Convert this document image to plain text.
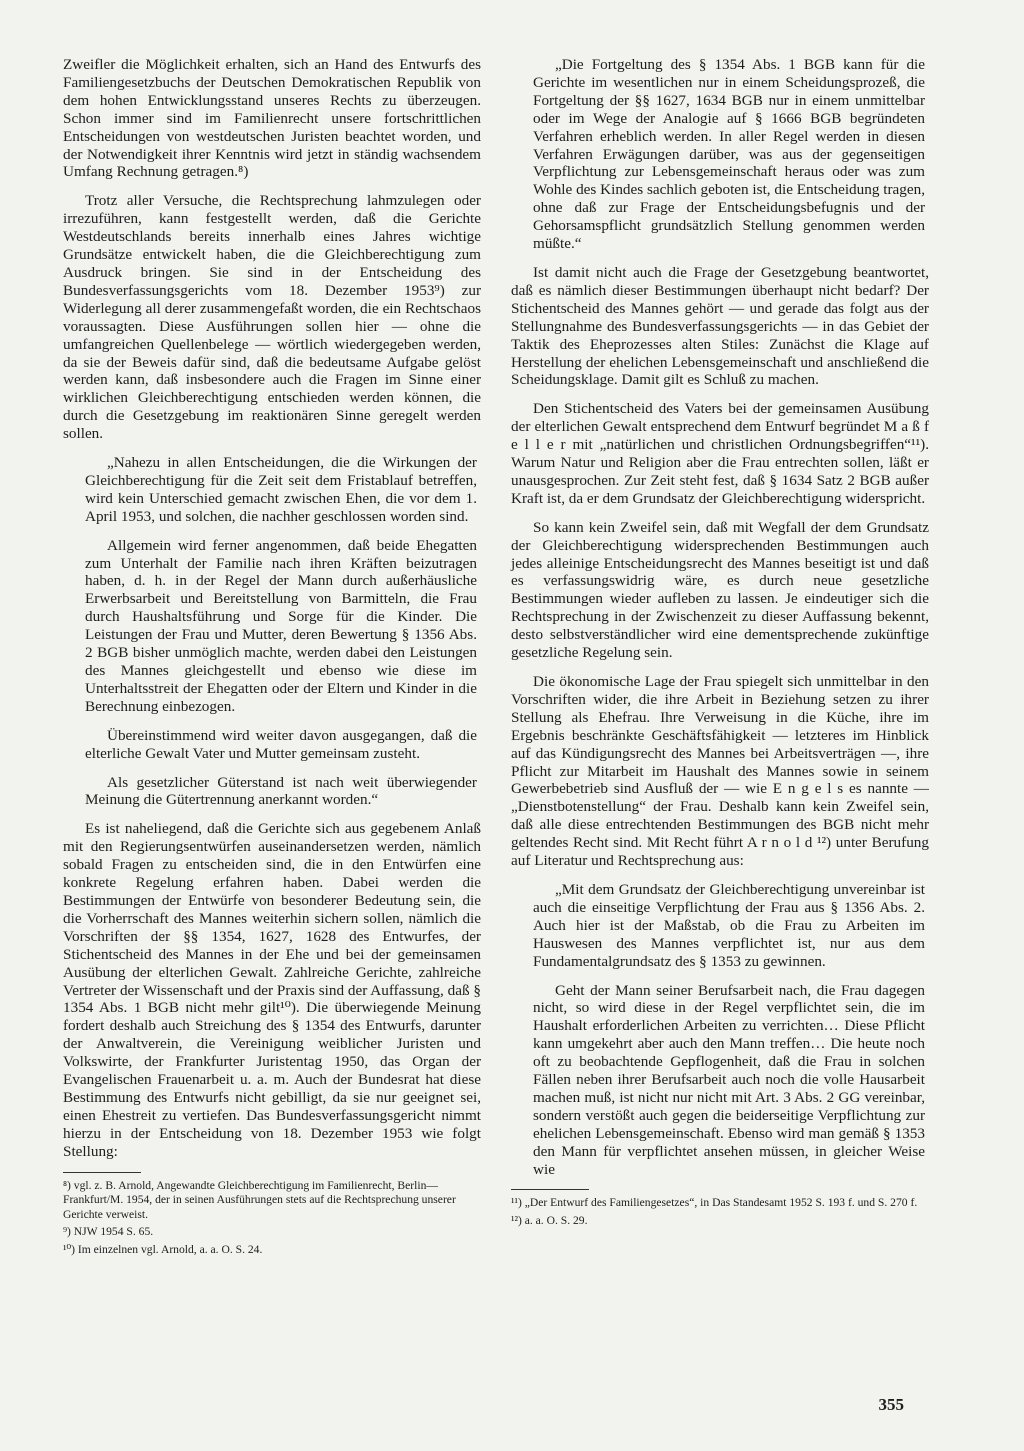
Zweifler die Möglichkeit erhalten, sich an Hand des Entwurfs des Familiengesetzbuchs der Deutschen Demokratischen Republik von dem hohen Entwicklungsstand unseres Rechts zu überzeugen. Schon immer sind im Familienrecht unsere fortschrittlichen Entscheidungen von westdeutschen Juristen beachtet worden, und der Notwendigkeit ihrer Kenntnis wird jetzt in ständig wachsendem Umfang Rechnung getragen.⁸)

Trotz aller Versuche, die Rechtsprechung lahmzulegen oder irrezuführen, kann festgestellt werden, daß die Gerichte Westdeutschlands bereits innerhalb eines Jahres wichtige Grundsätze entwickelt haben, die die Gleichberechtigung zum Ausdruck bringen. Sie sind in der Entscheidung des Bundesverfassungsgerichts vom 18. Dezember 1953⁹) zur Widerlegung all derer zusammengefaßt worden, die ein Rechtschaos voraussagten. Diese Ausführungen sollen hier — ohne die umfangreichen Quellenbelege — wörtlich wiedergegeben werden, da sie der Beweis dafür sind, daß die bedeutsame Aufgabe gelöst werden kann, daß insbesondere auch die Fragen im Sinne einer wirklichen Gleichberechtigung entschieden werden können, die durch die Gesetzgebung im reaktionären Sinne geregelt werden sollen.

„Nahezu in allen Entscheidungen, die die Wirkungen der Gleichberechtigung für die Zeit seit dem Fristablauf betreffen, wird kein Unterschied gemacht zwischen Ehen, die vor dem 1. April 1953, und solchen, die nachher geschlossen worden sind.

Allgemein wird ferner angenommen, daß beide Ehegatten zum Unterhalt der Familie nach ihren Kräften beizutragen haben, d. h. in der Regel der Mann durch außerhäusliche Erwerbsarbeit und Bereitstellung von Barmitteln, die Frau durch Haushaltsführung und Sorge für die Kinder. Die Leistungen der Frau und Mutter, deren Bewertung § 1356 Abs. 2 BGB bisher unmöglich machte, werden dabei den Leistungen des Mannes gleichgestellt und ebenso wie diese im Unterhaltsstreit der Ehegatten oder der Eltern und Kinder in die Berechnung einbezogen.

Übereinstimmend wird weiter davon ausgegangen, daß die elterliche Gewalt Vater und Mutter gemeinsam zusteht.

Als gesetzlicher Güterstand ist nach weit überwiegender Meinung die Gütertrennung anerkannt worden.“

Es ist naheliegend, daß die Gerichte sich aus gegebenem Anlaß mit den Regierungsentwürfen auseinandersetzen werden, nämlich sobald Fragen zu entscheiden sind, die in den Entwürfen eine konkrete Regelung erfahren haben. Dabei werden die Bestimmungen der Entwürfe von besonderer Bedeutung sein, die die Vorherrschaft des Mannes weiterhin sichern sollen, nämlich die Vorschriften der §§ 1354, 1627, 1628 des Entwurfes, der Stichentscheid des Mannes in der Ehe und bei der gemeinsamen Ausübung der elterlichen Gewalt. Zahlreiche Gerichte, zahlreiche Vertreter der Wissenschaft und der Praxis sind der Auffassung, daß § 1354 Abs. 1 BGB nicht mehr gilt¹⁰). Die überwiegende Meinung fordert deshalb auch Streichung des § 1354 des Entwurfs, darunter der Anwaltverein, die Vereinigung weiblicher Juristen und Volkswirte, der Frankfurter Juristentag 1950, das Organ der Evangelischen Frauenarbeit u. a. m. Auch der Bundesrat hat diese Bestimmung des Entwurfs nicht gebilligt, da sie nur geeignet sei, einen Ehestreit zu vertiefen. Das Bundesverfassungsgericht nimmt hierzu in der Entscheidung von 18. Dezember 1953 wie folgt Stellung:

⁸) vgl. z. B. Arnold, Angewandte Gleichberechtigung im Familienrecht, Berlin—Frankfurt/M. 1954, der in seinen Ausführungen stets auf die Rechtsprechung unserer Gerichte verweist.

⁹) NJW 1954 S. 65.

¹⁰) Im einzelnen vgl. Arnold, a. a. O. S. 24.

„Die Fortgeltung des § 1354 Abs. 1 BGB kann für die Gerichte im wesentlichen nur in einem Scheidungsprozeß, die Fortgeltung der §§ 1627, 1634 BGB nur in einem unmittelbar oder im Wege der Analogie auf § 1666 BGB begründeten Verfahren erheblich werden. In aller Regel werden in diesen Verfahren Erwägungen darüber, was aus der gegenseitigen Verpflichtung zur Lebensgemeinschaft heraus oder was zum Wohle des Kindes sachlich geboten ist, die Entscheidung tragen, ohne daß zur Frage der Entscheidungsbefugnis und der Gehorsamspflicht grundsätzlich Stellung genommen werden müßte.“

Ist damit nicht auch die Frage der Gesetzgebung beantwortet, daß es nämlich dieser Bestimmungen überhaupt nicht bedarf? Der Stichentscheid des Mannes gehört — und gerade das folgt aus der Stellungnahme des Bundesverfassungsgerichts — in das Gebiet der Taktik des Eheprozesses alten Stiles: Zunächst die Klage auf Herstellung der ehelichen Lebensgemeinschaft und anschließend die Scheidungsklage. Damit gilt es Schluß zu machen.

Den Stichentscheid des Vaters bei der gemeinsamen Ausübung der elterlichen Gewalt entsprechend dem Entwurf begründet M a ß f e l l e r mit „natürlichen und christlichen Ordnungsbegriffen“¹¹). Warum Natur und Religion aber die Frau entrechten sollen, läßt er unausgesprochen. Zur Zeit steht fest, daß § 1634 Satz 2 BGB außer Kraft ist, da er dem Grundsatz der Gleichberechtigung widerspricht.

So kann kein Zweifel sein, daß mit Wegfall der dem Grundsatz der Gleichberechtigung widersprechenden Bestimmungen auch jedes alleinige Entscheidungsrecht des Mannes beseitigt ist und daß es verfassungswidrig wäre, es durch neue gesetzliche Bestimmungen wieder aufleben zu lassen. Je eindeutiger sich die Rechtsprechung in der Zwischenzeit zu dieser Auffassung bekennt, desto selbstverständlicher wird eine dementsprechende zukünftige gesetzliche Regelung sein.

Die ökonomische Lage der Frau spiegelt sich unmittelbar in den Vorschriften wider, die ihre Arbeit in Beziehung setzen zu ihrer Stellung als Ehefrau. Ihre Verweisung in die Küche, ihre im Ergebnis beschränkte Geschäftsfähigkeit — letzteres im Hinblick auf das Kündigungsrecht des Mannes bei Arbeitsverträgen —, ihre Pflicht zur Mitarbeit im Haushalt des Mannes sowie in seinem Gewerbebetrieb sind Ausfluß der — wie E n g e l s es nannte — „Dienstbotenstellung“ der Frau. Deshalb kann kein Zweifel sein, daß alle diese entrechtenden Bestimmungen des BGB nicht mehr geltendes Recht sind. Mit Recht führt A r n o l d ¹²) unter Berufung auf Literatur und Rechtsprechung aus:

„Mit dem Grundsatz der Gleichberechtigung unvereinbar ist auch die einseitige Verpflichtung der Frau aus § 1356 Abs. 2. Auch hier ist der Maßstab, ob die Frau zu Arbeiten im Hauswesen des Mannes verpflichtet ist, nur aus dem Fundamentalgrundsatz des § 1353 zu gewinnen.

Geht der Mann seiner Berufsarbeit nach, die Frau dagegen nicht, so wird diese in der Regel verpflichtet sein, die im Haushalt erforderlichen Arbeiten zu verrichten… Diese Pflicht kann umgekehrt aber auch den Mann treffen… Die heute noch oft zu beobachtende Gepflogenheit, daß die Frau in solchen Fällen neben ihrer Berufsarbeit auch noch die volle Hausarbeit machen muß, ist nicht nur nicht mit Art. 3 Abs. 2 GG vereinbar, sondern verstößt auch gegen die beiderseitige Verpflichtung zur ehelichen Lebensgemeinschaft. Ebenso wird man gemäß § 1353 den Mann für verpflichtet ansehen müssen, in gleicher Weise wie

¹¹) „Der Entwurf des Familiengesetzes“, in Das Standesamt 1952 S. 193 f. und S. 270 f.

¹²) a. a. O. S. 29.

355
